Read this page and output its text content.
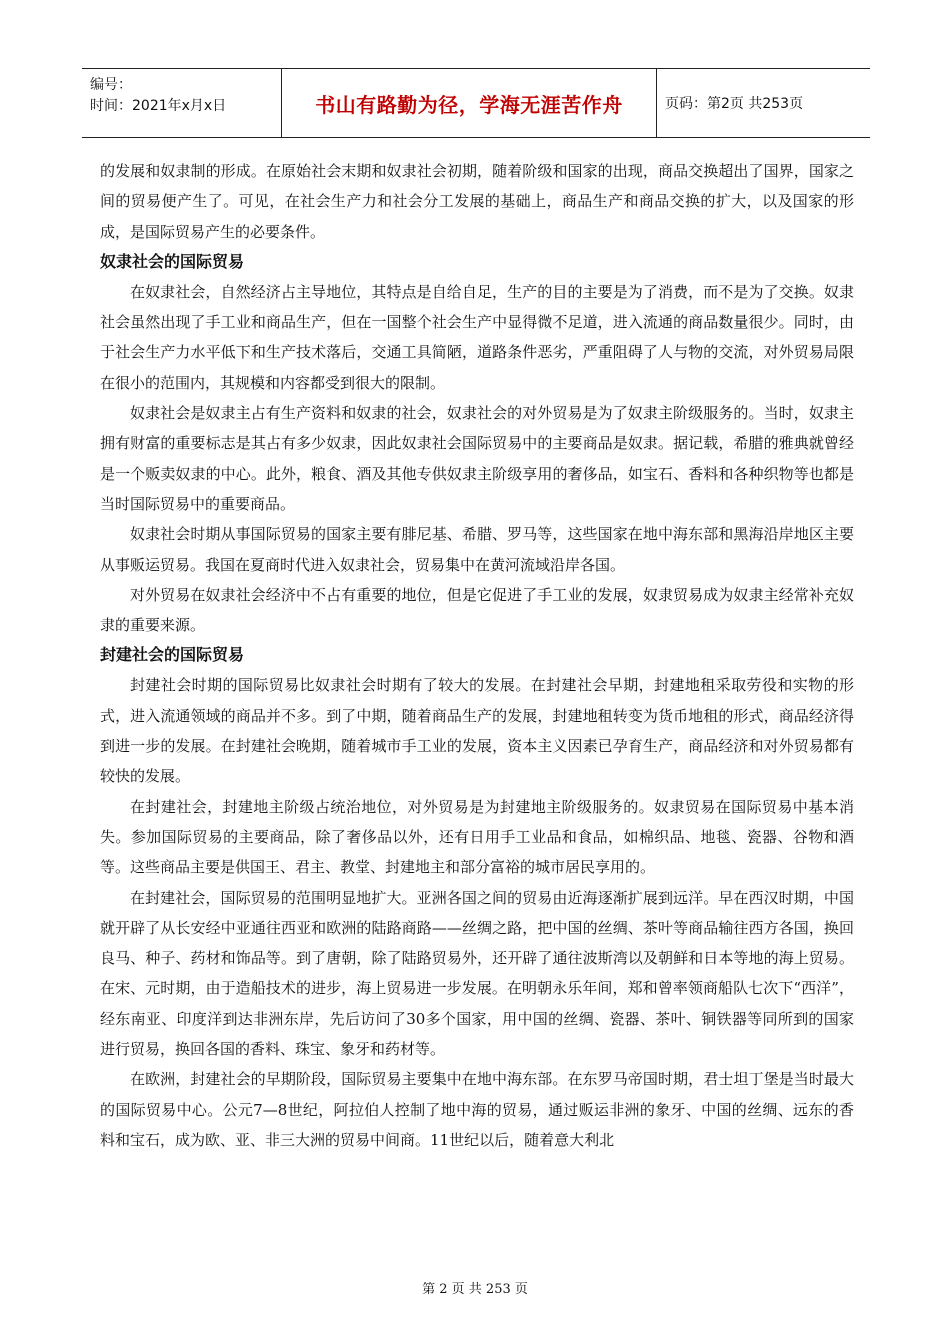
编号：
时间：2021年x月x日	书山有路勤为径，学海无涯苦作舟	页码：第2页 共253页

的发展和奴隶制的形成。在原始社会末期和奴隶社会初期，随着阶级和国家的出现，商品交换超出了国界，国家之间的贸易便产生了。可见，在社会生产力和社会分工发展的基础上，商品生产和商品交换的扩大，以及国家的形成，是国际贸易产生的必要条件。

奴隶社会的国际贸易

在奴隶社会，自然经济占主导地位，其特点是自给自足，生产的目的主要是为了消费，而不是为了交换。奴隶社会虽然出现了手工业和商品生产，但在一国整个社会生产中显得微不足道，进入流通的商品数量很少。同时，由于社会生产力水平低下和生产技术落后，交通工具简陋，道路条件恶劣，严重阻碍了人与物的交流，对外贸易局限在很小的范围内，其规模和内容都受到很大的限制。

奴隶社会是奴隶主占有生产资料和奴隶的社会，奴隶社会的对外贸易是为了奴隶主阶级服务的。当时，奴隶主拥有财富的重要标志是其占有多少奴隶，因此奴隶社会国际贸易中的主要商品是奴隶。据记载，希腊的雅典就曾经是一个贩卖奴隶的中心。此外，粮食、酒及其他专供奴隶主阶级享用的奢侈品，如宝石、香料和各种织物等也都是当时国际贸易中的重要商品。

奴隶社会时期从事国际贸易的国家主要有腓尼基、希腊、罗马等，这些国家在地中海东部和黑海沿岸地区主要从事贩运贸易。我国在夏商时代进入奴隶社会，贸易集中在黄河流域沿岸各国。

对外贸易在奴隶社会经济中不占有重要的地位，但是它促进了手工业的发展，奴隶贸易成为奴隶主经常补充奴隶的重要来源。

封建社会的国际贸易

封建社会时期的国际贸易比奴隶社会时期有了较大的发展。在封建社会早期，封建地租采取劳役和实物的形式，进入流通领域的商品并不多。到了中期，随着商品生产的发展，封建地租转变为货币地租的形式，商品经济得到进一步的发展。在封建社会晚期，随着城市手工业的发展，资本主义因素已孕育生产，商品经济和对外贸易都有较快的发展。

在封建社会，封建地主阶级占统治地位，对外贸易是为封建地主阶级服务的。奴隶贸易在国际贸易中基本消失。参加国际贸易的主要商品，除了奢侈品以外，还有日用手工业品和食品，如棉织品、地毯、瓷器、谷物和酒等。这些商品主要是供国王、君主、教堂、封建地主和部分富裕的城市居民享用的。

在封建社会，国际贸易的范围明显地扩大。亚洲各国之间的贸易由近海逐渐扩展到远洋。早在西汉时期，中国就开辟了从长安经中亚通往西亚和欧洲的陆路商路——丝绸之路，把中国的丝绸、茶叶等商品输往西方各国，换回良马、种子、药材和饰品等。到了唐朝，除了陆路贸易外，还开辟了通往波斯湾以及朝鲜和日本等地的海上贸易。在宋、元时期，由于造船技术的进步，海上贸易进一步发展。在明朝永乐年间，郑和曾率领商船队七次下“西洋”，经东南亚、印度洋到达非洲东岸，先后访问了30多个国家，用中国的丝绸、瓷器、茶叶、铜铁器等同所到的国家进行贸易，换回各国的香料、珠宝、象牙和药材等。

在欧洲，封建社会的早期阶段，国际贸易主要集中在地中海东部。在东罗马帝国时期，君士坦丁堡是当时最大的国际贸易中心。公元7—8世纪，阿拉伯人控制了地中海的贸易，通过贩运非洲的象牙、中国的丝绸、远东的香料和宝石，成为欧、亚、非三大洲的贸易中间商。11世纪以后，随着意大利北

第 2 页 共 253 页
